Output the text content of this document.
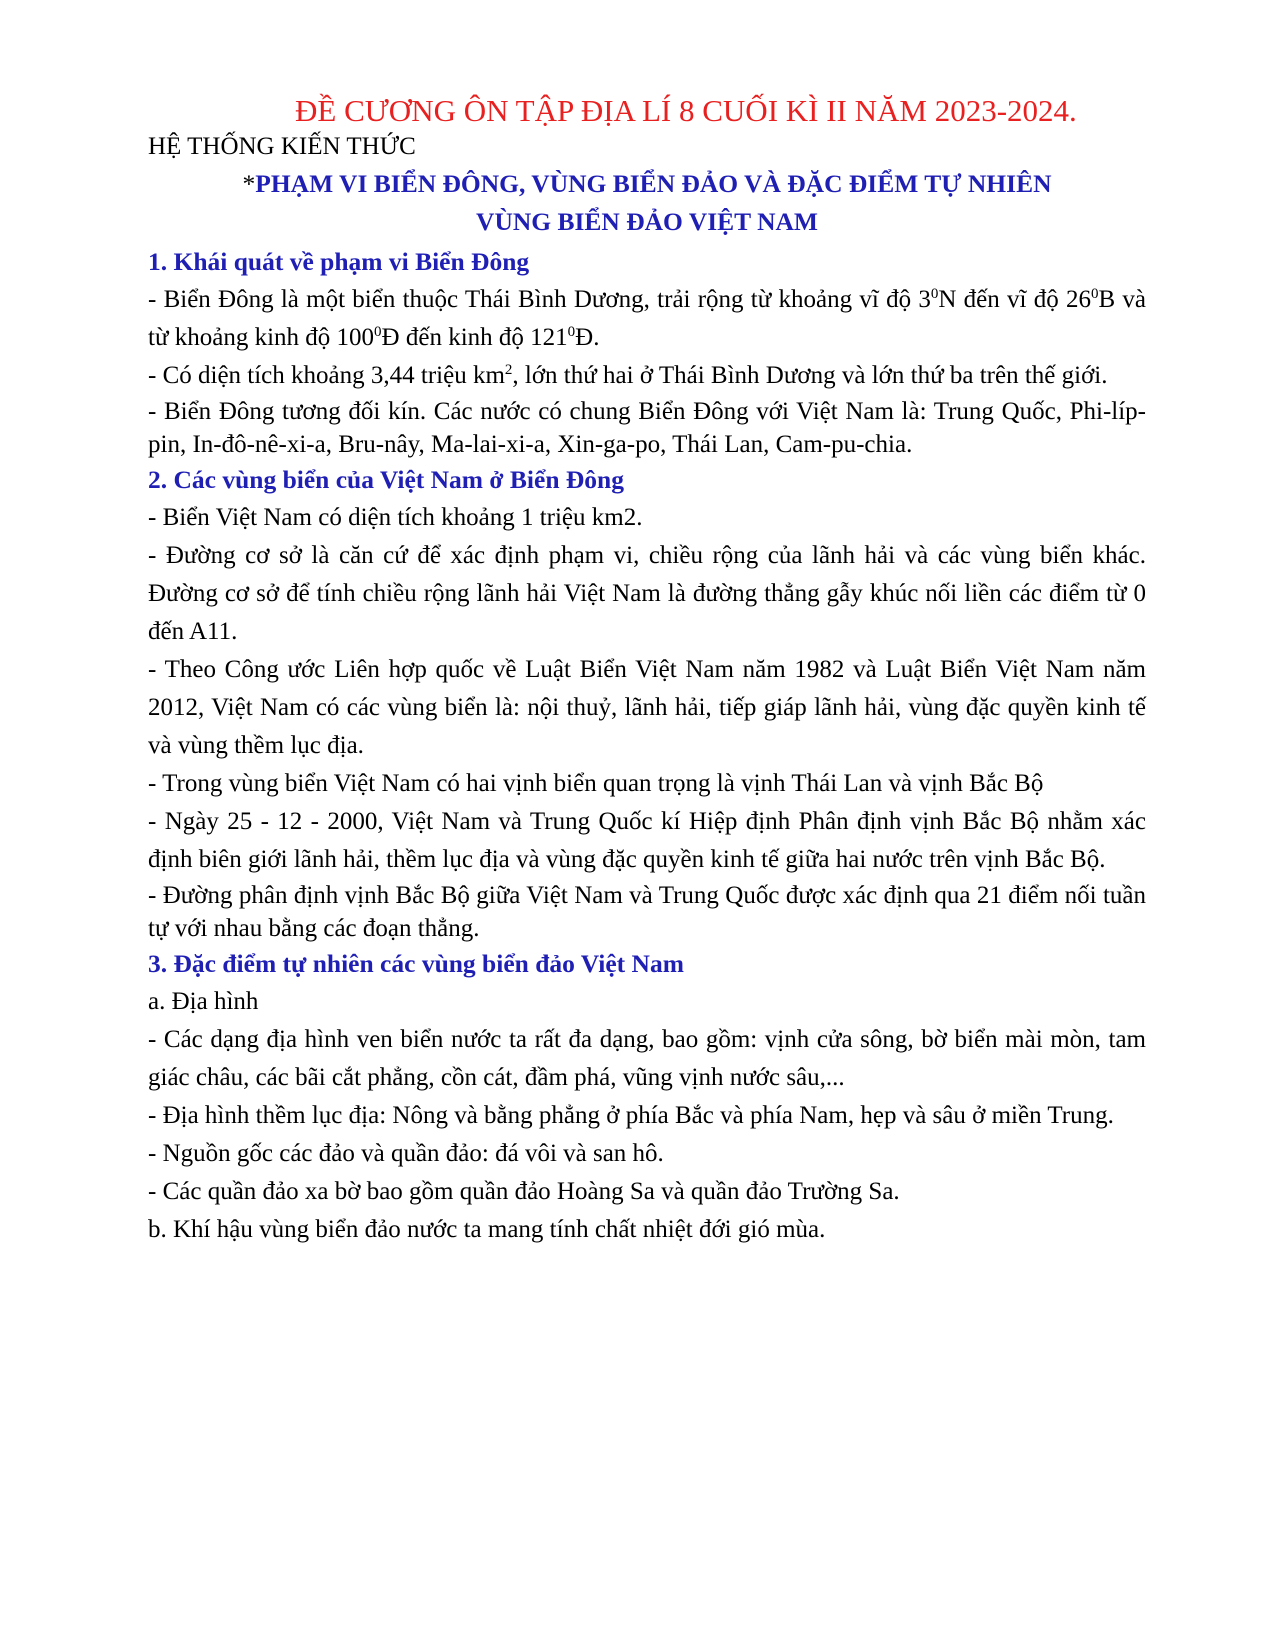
ĐỀ CƯƠNG ÔN TẬP ĐỊA LÍ 8 CUỐI KÌ II NĂM 2023-2024.
HỆ THỐNG KIẾN THỨC
*PHẠM VI BIỂN ĐÔNG, VÙNG BIỂN ĐẢO VÀ ĐẶC ĐIỂM TỰ NHIÊN
VÙNG BIỂN ĐẢO VIỆT NAM
1. Khái quát về phạm vi Biển Đông

- Biển Đông là một biển thuộc Thái Bình Dương, trải rộng từ khoảng vĩ độ $3^0N$ đến vĩ độ $26^0B$ và từ khoảng kinh độ $100^0Đ$ đến kinh độ $121^0Đ$.

- Có diện tích khoảng 3,44 triệu $km^2$, lớn thứ hai ở Thái Bình Dương và lớn thứ ba trên thế giới.

- Biển Đông tương đối kín. Các nước có chung Biển Đông với Việt Nam là: Trung Quốc, Phi-líp-pin, In-đô-nê-xi-a, Bru-nây, Ma-lai-xi-a, Xin-ga-po, Thái Lan, Cam-pu-chia.

2. Các vùng biển của Việt Nam ở Biển Đông

- Biển Việt Nam có diện tích khoảng 1 triệu km2.

- Đường cơ sở là căn cứ để xác định phạm vi, chiều rộng của lãnh hải và các vùng biển khác. Đường cơ sở để tính chiều rộng lãnh hải Việt Nam là đường thẳng gẫy khúc nối liền các điểm từ 0 đến A11.

- Theo Công ước Liên hợp quốc về Luật Biển Việt Nam năm 1982 và Luật Biển Việt Nam năm 2012, Việt Nam có các vùng biển là: nội thuỷ, lãnh hải, tiếp giáp lãnh hải, vùng đặc quyền kinh tế và vùng thềm lục địa.

- Trong vùng biển Việt Nam có hai vịnh biển quan trọng là vịnh Thái Lan và vịnh Bắc Bộ

- Ngày 25 - 12 - 2000, Việt Nam và Trung Quốc kí Hiệp định Phân định vịnh Bắc Bộ nhằm xác định biên giới lãnh hải, thềm lục địa và vùng đặc quyền kinh tế giữa hai nước trên vịnh Bắc Bộ.

- Đường phân định vịnh Bắc Bộ giữa Việt Nam và Trung Quốc được xác định qua 21 điểm nối tuần tự với nhau bằng các đoạn thẳng.

3. Đặc điểm tự nhiên các vùng biển đảo Việt Nam

a. Địa hình

- Các dạng địa hình ven biển nước ta rất đa dạng, bao gồm: vịnh cửa sông, bờ biển mài mòn, tam giác châu, các bãi cắt phẳng, cồn cát, đầm phá, vũng vịnh nước sâu,...

- Địa hình thềm lục địa: Nông và bằng phẳng ở phía Bắc và phía Nam, hẹp và sâu ở miền Trung.

- Nguồn gốc các đảo và quần đảo: đá vôi và san hô.

- Các quần đảo xa bờ bao gồm quần đảo Hoàng Sa và quần đảo Trường Sa.

b. Khí hậu vùng biển đảo nước ta mang tính chất nhiệt đới gió mùa.
